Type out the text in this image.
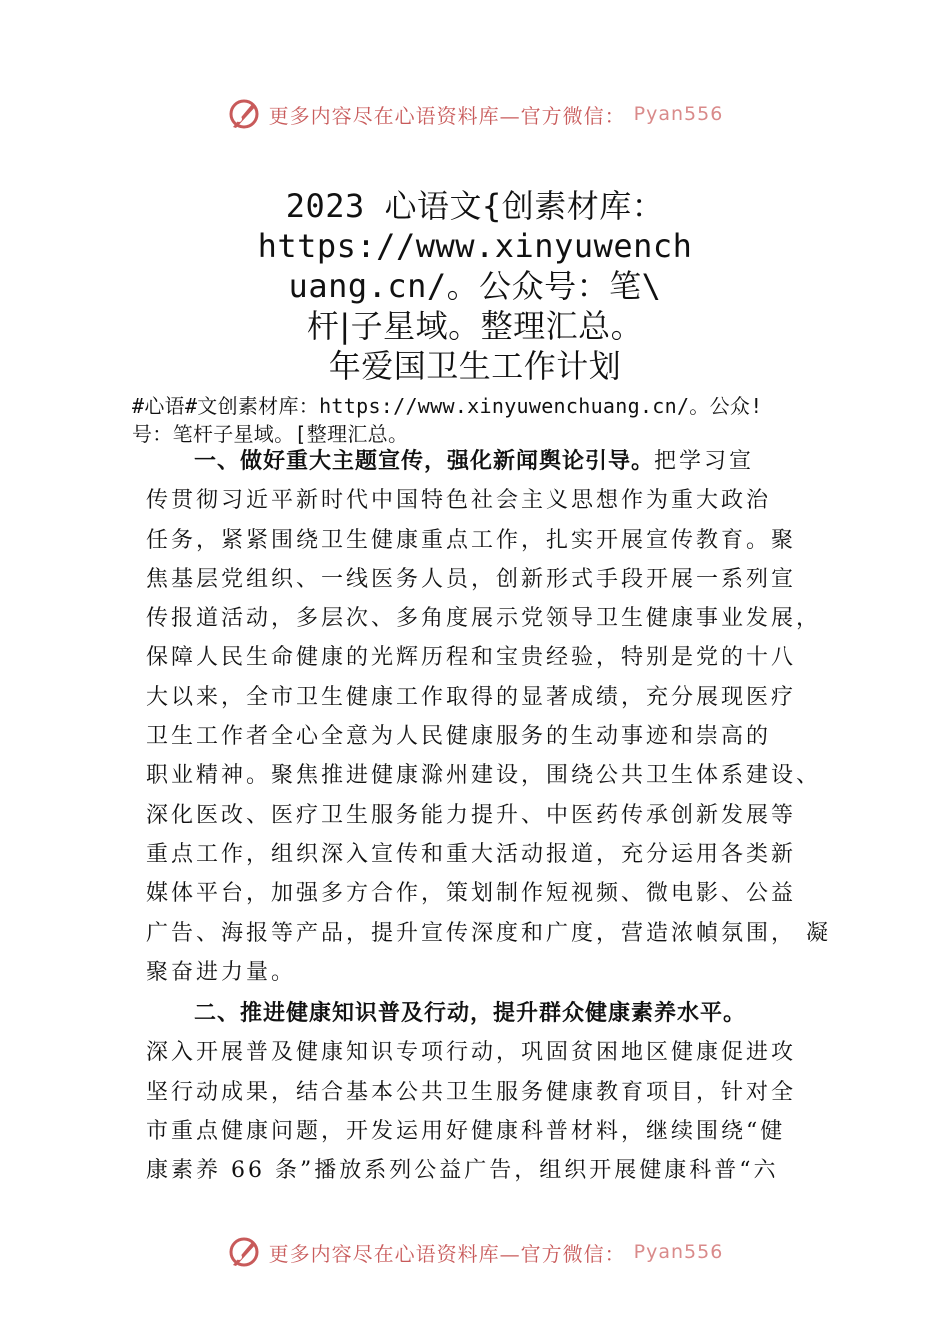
更多内容尽在心语资料库—官方微信： Pyan556
2023 心语文{创素材库：
https://www.xinyuwench
uang.cn/。公众号：笔\
杆|子星域。整理汇总。
年爱国卫生工作计划
#心语#文创素材库：https://www.xinyuwenchuang.cn/。公众!
号：笔杆子星域。[整理汇总。
一、做好重大主题宣传，强化新闻舆论引导。把学习宣
传贯彻习近平新时代中国特色社会主义思想作为重大政治
任务，紧紧围绕卫生健康重点工作，扎实开展宣传教育。聚
焦基层党组织、一线医务人员，创新形式手段开展一系列宣
传报道活动，多层次、多角度展示党领导卫生健康事业发展，
保障人民生命健康的光辉历程和宝贵经验，特别是党的十八
大以来，全市卫生健康工作取得的显著成绩，充分展现医疗
卫生工作者全心全意为人民健康服务的生动事迹和崇高的
职业精神。聚焦推进健康滁州建设，围绕公共卫生体系建设、
深化医改、医疗卫生服务能力提升、中医药传承创新发展等
重点工作，组织深入宣传和重大活动报道，充分运用各类新
媒体平台，加强多方合作，策划制作短视频、微电影、公益
广告、海报等产品，提升宣传深度和广度，营造浓幀氛围， 凝
聚奋进力量。
二、推进健康知识普及行动，提升群众健康素养水平。
深入开展普及健康知识专项行动，巩固贫困地区健康促进攻
坚行动成果，结合基本公共卫生服务健康教育项目，针对全
市重点健康问题，开发运用好健康科普材料，继续围绕“健
康素养 66 条”播放系列公益广告，组织开展健康科普“六
更多内容尽在心语资料库—官方微信： Pyan556
